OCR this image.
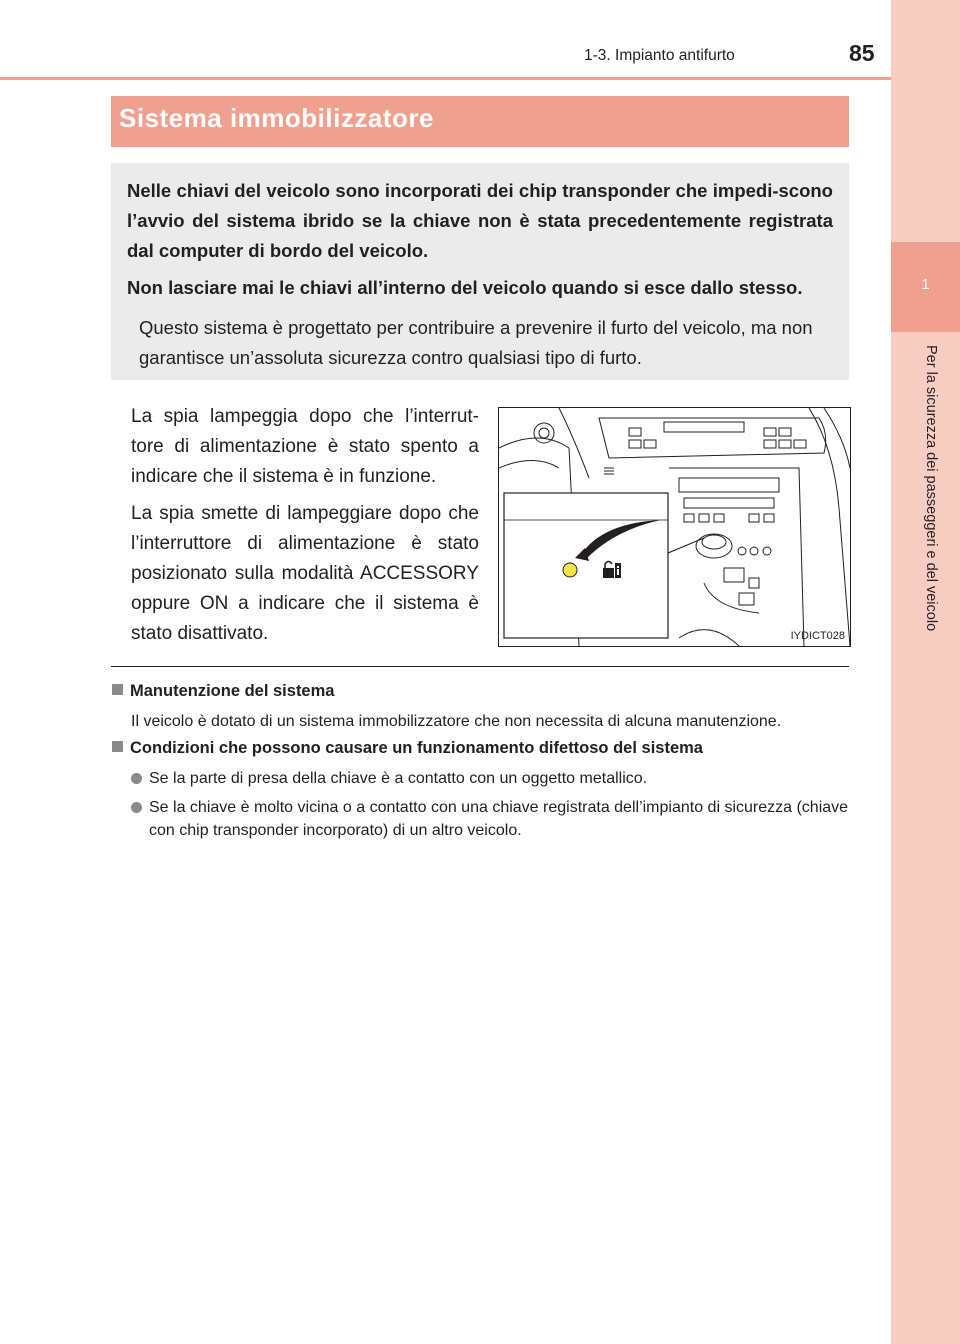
1
Per la sicurezza dei passeggeri e del veicolo
1-3. Impianto antifurto	85
Sistema immobilizzatore

Nelle chiavi del veicolo sono incorporati dei chip transponder che impedi-scono l’avvio del sistema ibrido se la chiave non è stata precedentemente registrata dal computer di bordo del veicolo.

Non lasciare mai le chiavi all’interno del veicolo quando si esce dallo stesso.

Questo sistema è progettato per contribuire a prevenire il furto del veicolo, ma non garantisce un’assoluta sicurezza contro qualsiasi tipo di furto.

La spia lampeggia dopo che l’interrut-tore di alimentazione è stato spento a indicare che il sistema è in funzione.

La spia smette di lampeggiare dopo che l’interruttore di alimentazione è stato posizionato sulla modalità ACCESSORY oppure ON a indicare che il sistema è stato disattivato.	IYDICT028
Manutenzione del sistema
Il veicolo è dotato di un sistema immobilizzatore che non necessita di alcuna manutenzione.
Condizioni che possono causare un funzionamento difettoso del sistema
Se la parte di presa della chiave è a contatto con un oggetto metallico.
Se la chiave è molto vicina o a contatto con una chiave registrata dell’impianto di sicurezza (chiave con chip transponder incorporato) di un altro veicolo.
